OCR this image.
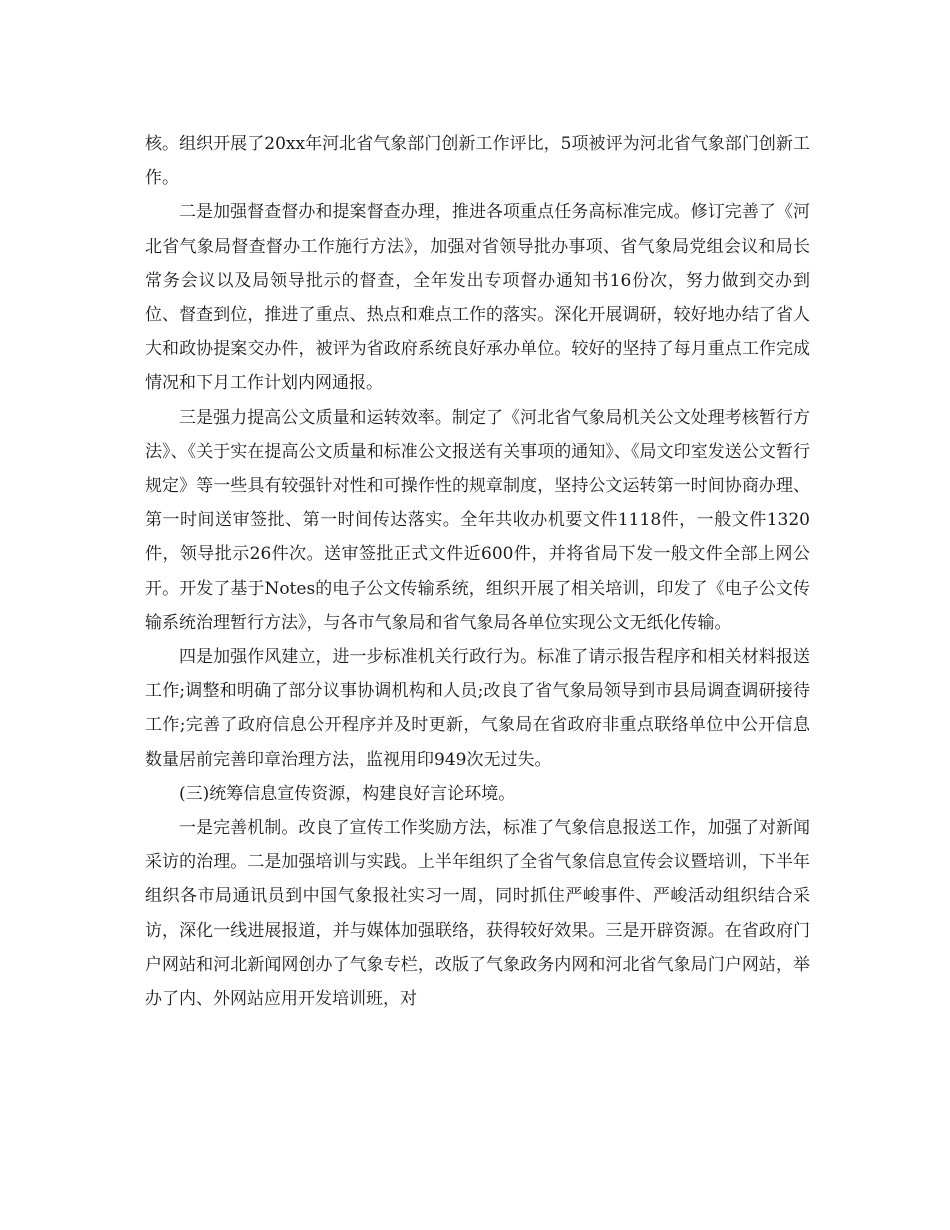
核。组织开展了20xx年河北省气象部门创新工作评比，5项被评为河北省气象部门创新工作。

二是加强督查督办和提案督查办理，推进各项重点任务高标准完成。修订完善了《河北省气象局督查督办工作施行方法》，加强对省领导批办事项、省气象局党组会议和局长常务会议以及局领导批示的督查，全年发出专项督办通知书16份次，努力做到交办到位、督查到位，推进了重点、热点和难点工作的落实。深化开展调研，较好地办结了省人大和政协提案交办件，被评为省政府系统良好承办单位。较好的坚持了每月重点工作完成情况和下月工作计划内网通报。

三是强力提高公文质量和运转效率。制定了《河北省气象局机关公文处理考核暂行方法》、《关于实在提高公文质量和标准公文报送有关事项的通知》、《局文印室发送公文暂行规定》等一些具有较强针对性和可操作性的规章制度，坚持公文运转第一时间协商办理、第一时间送审签批、第一时间传达落实。全年共收办机要文件1118件，一般文件1320件，领导批示26件次。送审签批正式文件近600件，并将省局下发一般文件全部上网公开。开发了基于Notes的电子公文传输系统，组织开展了相关培训，印发了《电子公文传输系统治理暂行方法》，与各市气象局和省气象局各单位实现公文无纸化传输。

四是加强作风建立，进一步标准机关行政行为。标准了请示报告程序和相关材料报送工作;调整和明确了部分议事协调机构和人员;改良了省气象局领导到市县局调查调研接待工作;完善了政府信息公开程序并及时更新，气象局在省政府非重点联络单位中公开信息数量居前完善印章治理方法，监视用印949次无过失。

(三)统筹信息宣传资源，构建良好言论环境。

一是完善机制。改良了宣传工作奖励方法，标准了气象信息报送工作，加强了对新闻采访的治理。二是加强培训与实践。上半年组织了全省气象信息宣传会议暨培训，下半年组织各市局通讯员到中国气象报社实习一周，同时抓住严峻事件、严峻活动组织结合采访，深化一线进展报道，并与媒体加强联络，获得较好效果。三是开辟资源。在省政府门户网站和河北新闻网创办了气象专栏，改版了气象政务内网和河北省气象局门户网站，举办了内、外网站应用开发培训班，对
